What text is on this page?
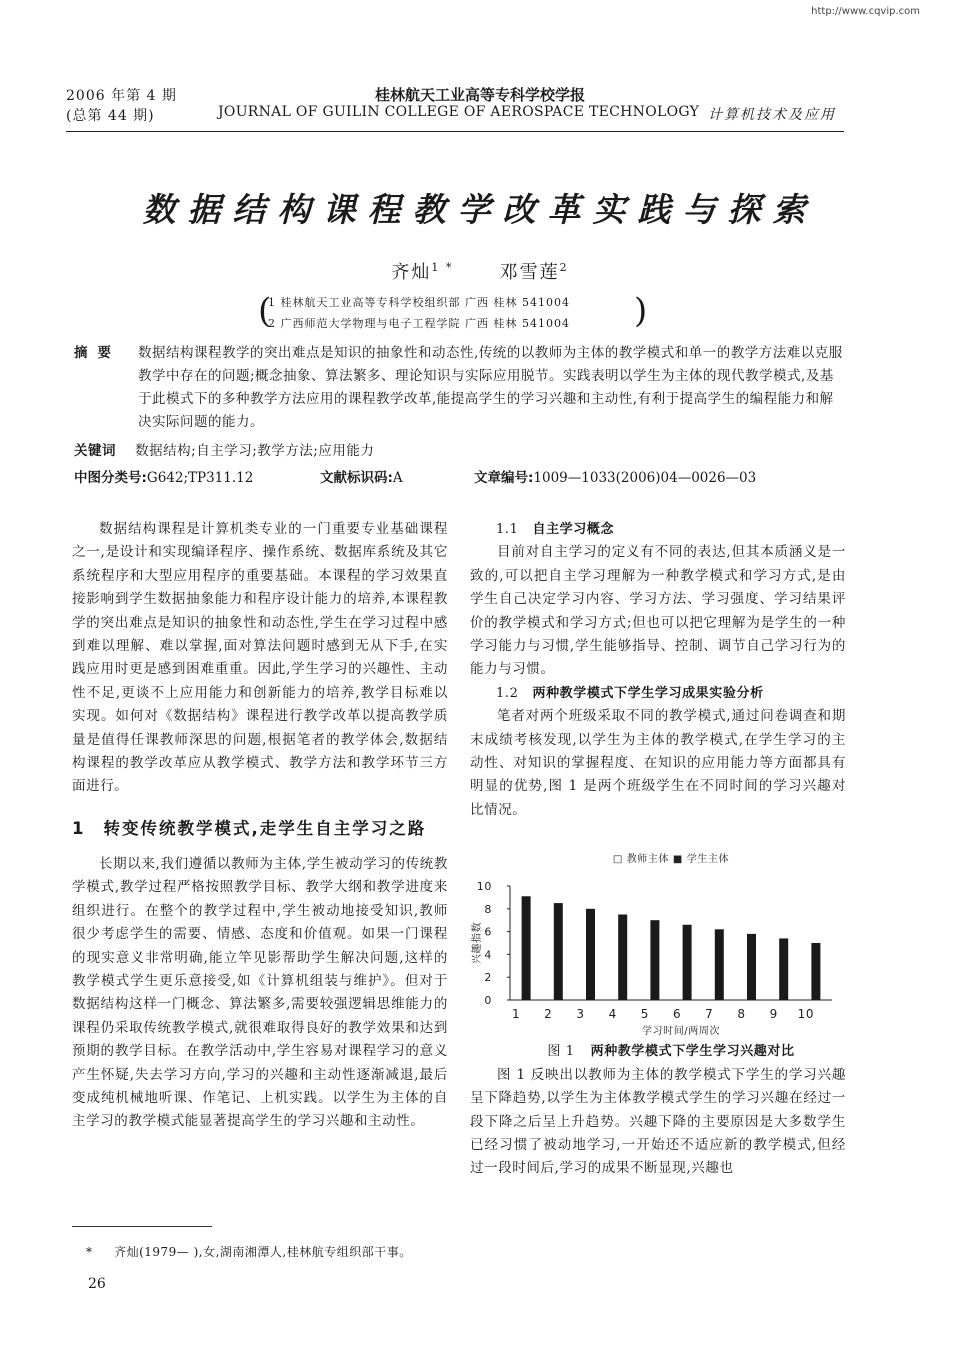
http://www.cqvip.com
2006 年第 4 期
(总第 44 期)
桂林航天工业高等专科学校学报
JOURNAL OF GUILIN COLLEGE OF AEROSPACE TECHNOLOGY 计算机技术及应用
数据结构课程教学改革实践与探索
齐灿$^{1 *}$	邓雪莲$^2$
(
1 桂林航天工业高等专科学校组织部 广西 桂林 541004
2 广西师范大学物理与电子工程学院 广西 桂林 541004 )
摘要	数据结构课程教学的突出难点是知识的抽象性和动态性,传统的以教师为主体的教学模式和单一的教学方法难以克服教学中存在的问题;概念抽象、算法繁多、理论知识与实际应用脱节。实践表明以学生为主体的现代教学模式,及基于此模式下的多种教学方法应用的课程教学改革,能提高学生的学习兴趣和主动性,有利于提高学生的编程能力和解决实际问题的能力。
关键词 数据结构;自主学习;教学方法;应用能力
中图分类号:G642;TP311.12	文献标识码:A	文章编号:1009—1033(2006)04—0026—03

数据结构课程是计算机类专业的一门重要专业基础课程之一,是设计和实现编译程序、操作系统、数据库系统及其它系统程序和大型应用程序的重要基础。本课程的学习效果直接影响到学生数据抽象能力和程序设计能力的培养,本课程教学的突出难点是知识的抽象性和动态性,学生在学习过程中感到难以理解、难以掌握,面对算法问题时感到无从下手,在实践应用时更是感到困难重重。因此,学生学习的兴趣性、主动性不足,更谈不上应用能力和创新能力的培养,教学目标难以实现。如何对《数据结构》课程进行教学改革以提高教学质量是值得任课教师深思的问题,根据笔者的教学体会,数据结构课程的教学改革应从教学模式、教学方法和教学环节三方面进行。

1 转变传统教学模式,走学生自主学习之路

长期以来,我们遵循以教师为主体,学生被动学习的传统教学模式,教学过程严格按照教学目标、教学大纲和教学进度来组织进行。在整个的教学过程中,学生被动地接受知识,教师很少考虑学生的需要、情感、态度和价值观。如果一门课程的现实意义非常明确,能立竿见影帮助学生解决问题,这样的教学模式学生更乐意接受,如《计算机组装与维护》。但对于数据结构这样一门概念、算法繁多,需要较强逻辑思维能力的课程仍采取传统教学模式,就很难取得良好的教学效果和达到预期的教学目标。在教学活动中,学生容易对课程学习的意义产生怀疑,失去学习方向,学习的兴趣和主动性逐渐减退,最后变成纯机械地听课、作笔记、上机实践。以学生为主体的自主学习的教学模式能显著提高学生的学习兴趣和主动性。

1.1 自主学习概念

目前对自主学习的定义有不同的表达,但其本质涵义是一致的,可以把自主学习理解为一种教学模式和学习方式,是由学生自己决定学习内容、学习方法、学习强度、学习结果评价的教学模式和学习方式;但也可以把它理解为是学生的一种学习能力与习惯,学生能够指导、控制、调节自己学习行为的能力与习惯。

1.2 两种教学模式下学生学习成果实验分析

笔者对两个班级采取不同的教学模式,通过问卷调查和期末成绩考核发现,以学生为主体的教学模式,在学生学习的主动性、对知识的掌握程度、在知识的应用能力等方面都具有明显的优势,图 1 是两个班级学生在不同时间的学习兴趣对比情况。

□ 教师主体 ■ 学生主体
0
2
4
6
8
10
兴趣指数
1 2 3 4 5 6 7 8 9 10
学习时间/两周次

图 1 两种教学模式下学生学习兴趣对比

图 1 反映出以教师为主体的教学模式下学生的学习兴趣呈下降趋势,以学生为主体教学模式学生的学习兴趣在经过一段下降之后呈上升趋势。兴趣下降的主要原因是大多数学生已经习惯了被动地学习,一开始还不适应新的教学模式,但经过一段时间后,学习的成果不断显现,兴趣也

* 齐灿(1979— ),女,湖南湘潭人,桂林航专组织部干事。
26
